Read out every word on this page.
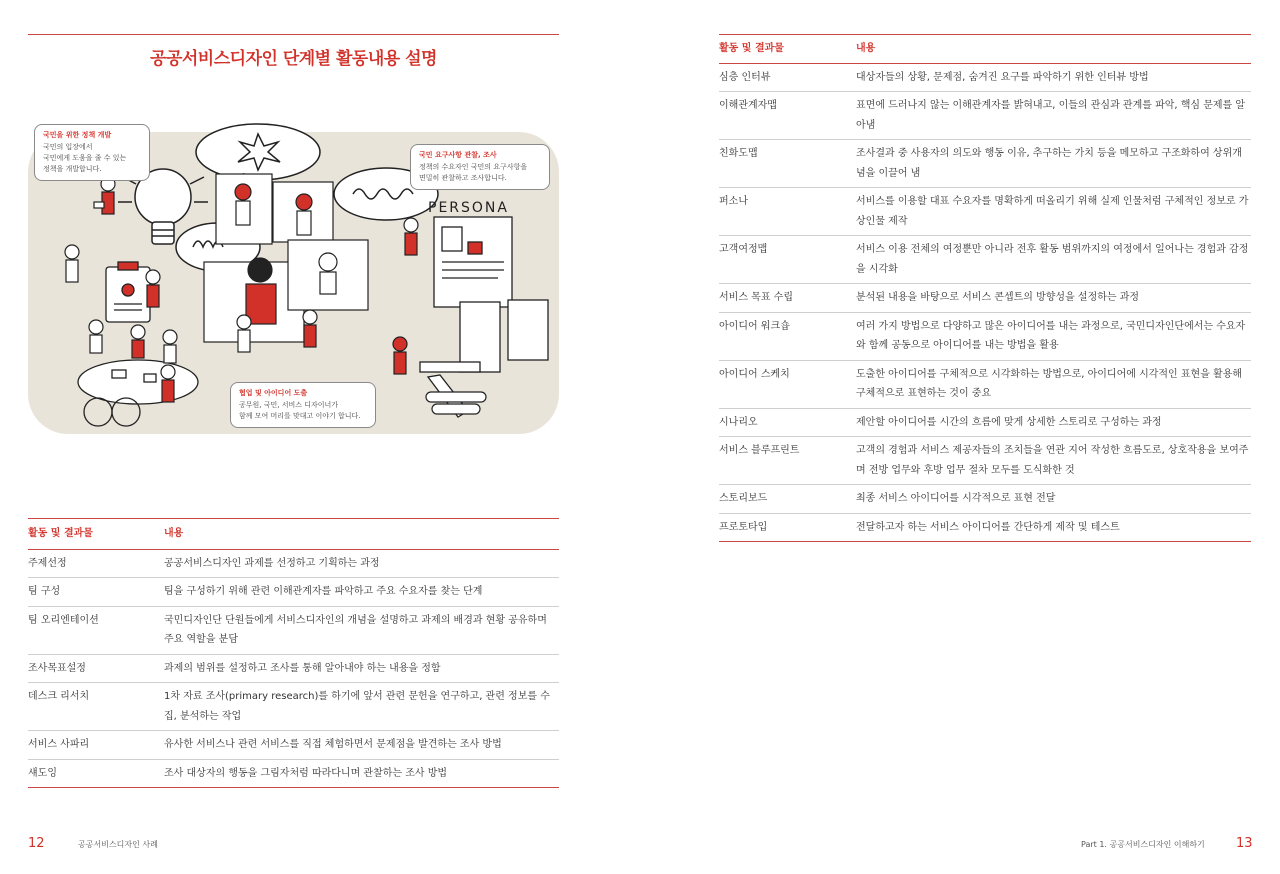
공공서비스디자인 단계별 활동내용 설명
PERSONA
국민을 위한 정책 개발
국민의 입장에서
국민에게 도움을 줄 수 있는
정책을 개발합니다.
국민 요구사항 관찰, 조사
정책의 수요자인 국민의 요구사항을
면밀히 관찰하고 조사합니다.
협업 및 아이디어 도출
공무원, 국민, 서비스 디자이너가
함께 모여 머리를 맞대고 이야기 합니다.
활동 및 결과물	내용
주제선정	공공서비스디자인 과제를 선정하고 기획하는 과정
팀 구성	팀을 구성하기 위해 관련 이해관계자를 파악하고 주요 수요자를 찾는 단계
팀 오리엔테이션	국민디자인단 단원들에게 서비스디자인의 개념을 설명하고 과제의 배경과 현황 공유하며 주요 역할을 분담
조사목표설정	과제의 범위를 설정하고 조사를 통해 알아내야 하는 내용을 정함
데스크 리서치	1차 자료 조사(primary research)를 하기에 앞서 관련 문헌을 연구하고, 관련 정보를 수집, 분석하는 작업
서비스 사파리	유사한 서비스나 관련 서비스를 직접 체험하면서 문제점을 발견하는 조사 방법
섀도잉	조사 대상자의 행동을 그림자처럼 따라다니며 관찰하는 조사 방법
12	공공서비스디자인 사례
활동 및 결과물	내용
심층 인터뷰	대상자들의 상황, 문제점, 숨겨진 요구를 파악하기 위한 인터뷰 방법
이해관계자맵	표면에 드러나지 않는 이해관계자를 밝혀내고, 이들의 관심과 관계를 파악, 핵심 문제를 알아냄
친화도맵	조사결과 중 사용자의 의도와 행동 이유, 추구하는 가치 등을 메모하고 구조화하여 상위개념을 이끌어 냄
퍼소나	서비스를 이용할 대표 수요자를 명확하게 떠올리기 위해 실제 인물처럼 구체적인 정보로 가상인물 제작
고객여정맵	서비스 이용 전체의 여정뿐만 아니라 전후 활동 범위까지의 여정에서 일어나는 경험과 감정을 시각화
서비스 목표 수립	분석된 내용을 바탕으로 서비스 콘셉트의 방향성을 설정하는 과정
아이디어 워크숍	여러 가지 방법으로 다양하고 많은 아이디어를 내는 과정으로, 국민디자인단에서는 수요자와 함께 공동으로 아이디어를 내는 방법을 활용
아이디어 스케치	도출한 아이디어를 구체적으로 시각화하는 방법으로, 아이디어에 시각적인 표현을 활용해 구체적으로 표현하는 것이 중요
시나리오	제안할 아이디어를 시간의 흐름에 맞게 상세한 스토리로 구성하는 과정
서비스 블루프린트	고객의 경험과 서비스 제공자들의 조치들을 연관 지어 작성한 흐름도로, 상호작용을 보여주며 전방 업무와 후방 업무 절차 모두를 도식화한 것
스토리보드	최종 서비스 아이디어를 시각적으로 표현 전달
프로토타입	전달하고자 하는 서비스 아이디어를 간단하게 제작 및 테스트
Part 1. 공공서비스디자인 이해하기 13
